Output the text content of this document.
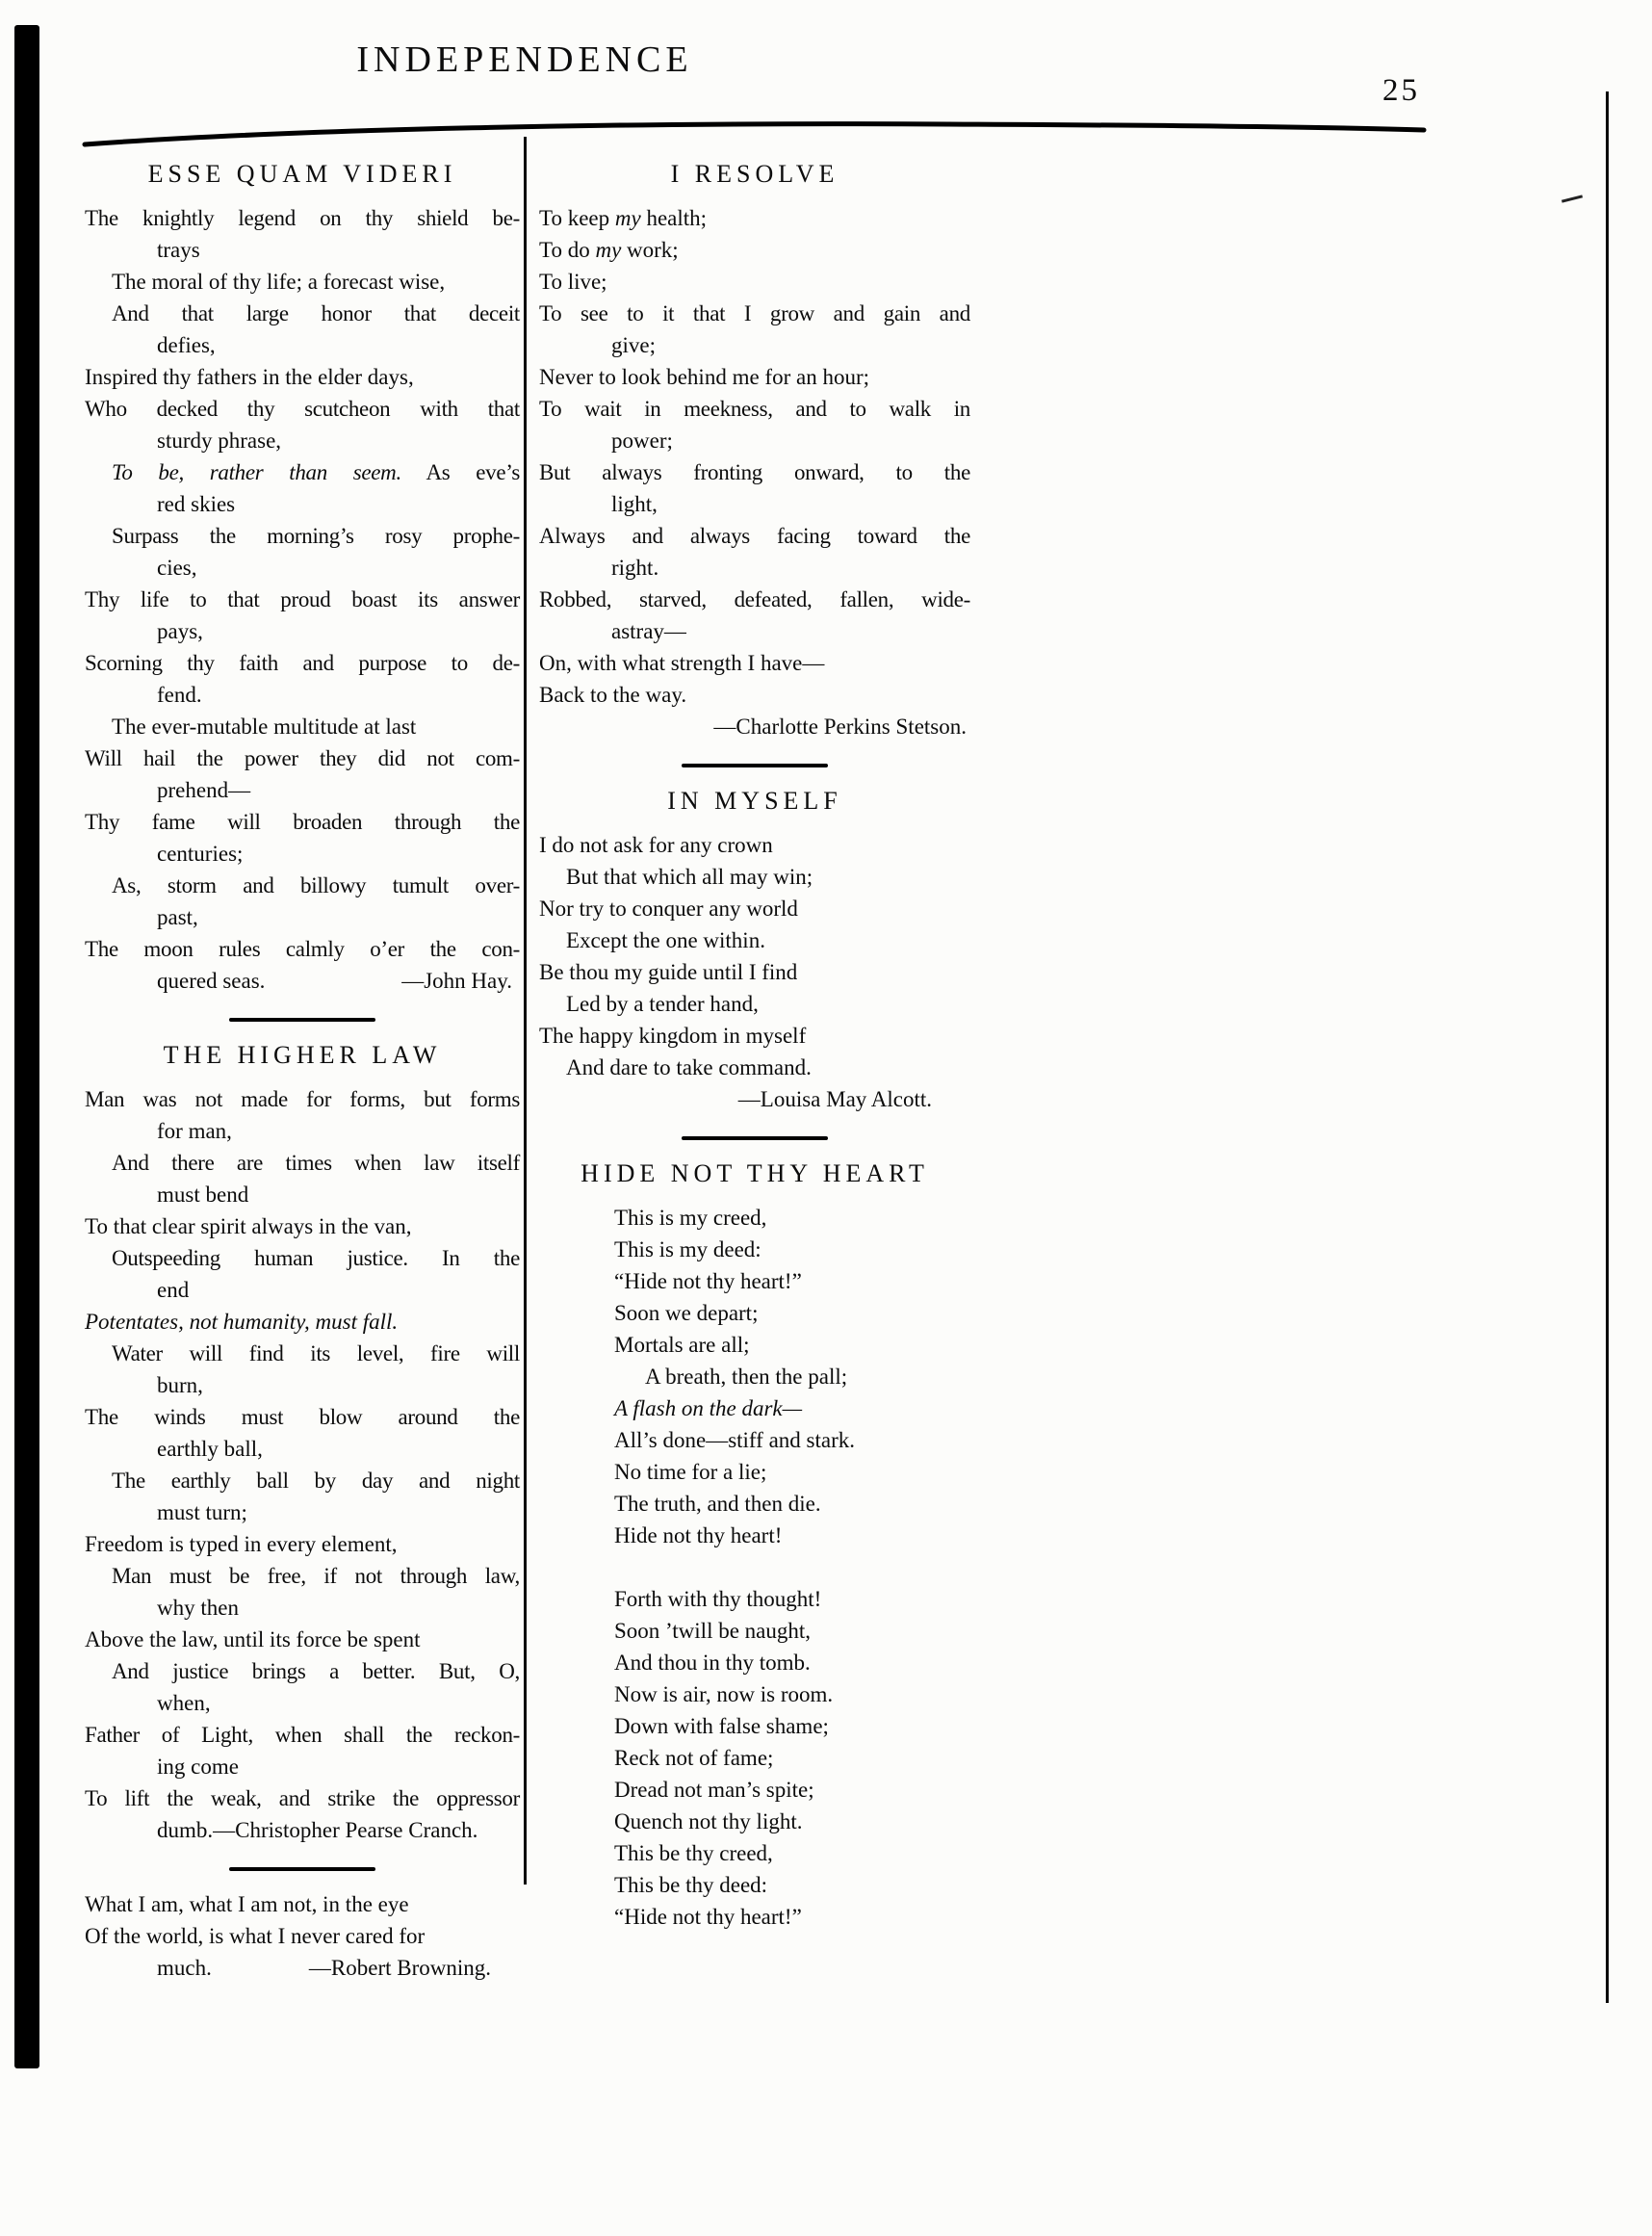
INDEPENDENCE
25
ESSE QUAM VIDERI
The knightly legend on thy shield be-
trays
The moral of thy life; a forecast wise,
And that large honor that deceit
defies,
Inspired thy fathers in the elder days,
Who decked thy scutcheon with that
sturdy phrase,
To be, rather than seem. As eve’s
red skies
Surpass the morning’s rosy prophe-
cies,
Thy life to that proud boast its answer
pays,
Scorning thy faith and purpose to de-
fend.
The ever-mutable multitude at last
Will hail the power they did not com-
prehend—
Thy fame will broaden through the
centuries;
As, storm and billowy tumult over-
past,
The moon rules calmly o’er the con-
quered seas.	—John Hay.
THE HIGHER LAW
Man was not made for forms, but forms
for man,
And there are times when law itself
must bend
To that clear spirit always in the van,
Outspeeding human justice. In the
end
Potentates, not humanity, must fall.
Water will find its level, fire will
burn,
The winds must blow around the
earthly ball,
The earthly ball by day and night
must turn;
Freedom is typed in every element,
Man must be free, if not through law,
why then
Above the law, until its force be spent
And justice brings a better. But, O,
when,
Father of Light, when shall the reckon-
ing come
To lift the weak, and strike the oppressor
dumb.—Christopher Pearse Cranch.
What I am, what I am not, in the eye
Of the world, is what I never cared for
much.	—Robert Browning.
I RESOLVE
To keep my health;
To do my work;
To live;
To see to it that I grow and gain and
give;
Never to look behind me for an hour;
To wait in meekness, and to walk in
power;
But always fronting onward, to the
light,
Always and always facing toward the
right.
Robbed, starved, defeated, fallen, wide-
astray—
On, with what strength I have—
Back to the way.
—Charlotte Perkins Stetson.
IN MYSELF
I do not ask for any crown
But that which all may win;
Nor try to conquer any world
Except the one within.
Be thou my guide until I find
Led by a tender hand,
The happy kingdom in myself
And dare to take command.
—Louisa May Alcott.
HIDE NOT THY HEART
This is my creed,
This is my deed:
“Hide not thy heart!”
Soon we depart;
Mortals are all;
A breath, then the pall;
A flash on the dark—
All’s done—stiff and stark.
No time for a lie;
The truth, and then die.
Hide not thy heart!
Forth with thy thought!
Soon ’twill be naught,
And thou in thy tomb.
Now is air, now is room.
Down with false shame;
Reck not of fame;
Dread not man’s spite;
Quench not thy light.
This be thy creed,
This be thy deed:
“Hide not thy heart!”
